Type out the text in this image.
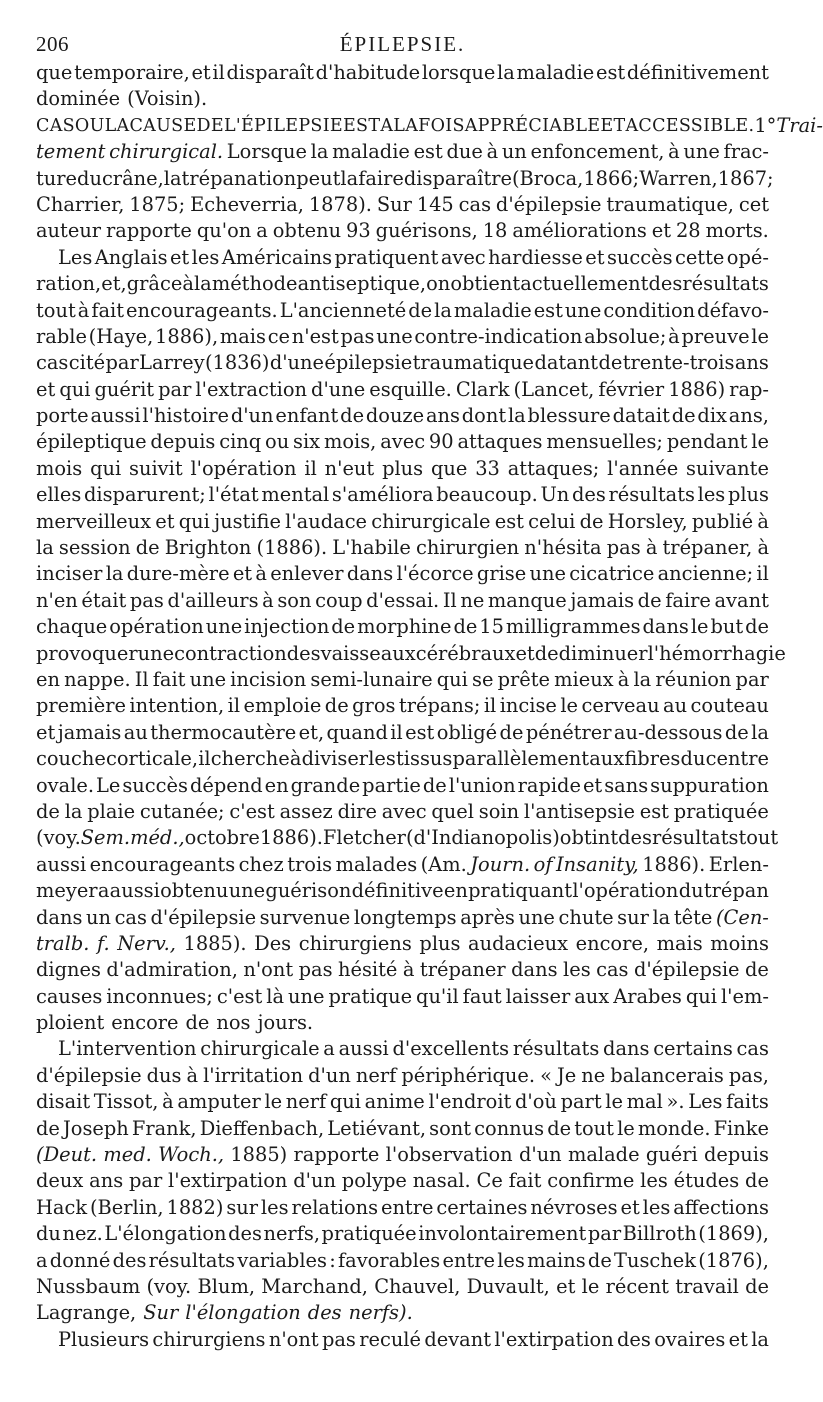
206	ÉPILEPSIE.
que temporaire, et il disparaît d'habitude lorsque la maladie est définitivement
dominée (Voisin).
CAS OU LA CAUSE DE L'ÉPILEPSIE EST A LA FOIS APPRÉCIABLE ET ACCESSIBLE. 1° Trai-
tement chirurgical. Lorsque la maladie est due à un enfoncement, à une frac-
ture du crâne, la trépanation peut la faire disparaître (Broca, 1866; Warren, 1867;
Charrier, 1875; Echeverria, 1878). Sur 145 cas d'épilepsie traumatique, cet
auteur rapporte qu'on a obtenu 93 guérisons, 18 améliorations et 28 morts.
Les Anglais et les Américains pratiquent avec hardiesse et succès cette opé-
ration, et, grâce à la méthode antiseptique, on obtient actuellement des résultats
tout à fait encourageants. L'ancienneté de la maladie est une condition défavo-
rable (Haye, 1886), mais ce n'est pas une contre-indication absolue; à preuve le
cas cité par Larrey (1836) d'une épilepsie traumatique datant de trente-trois ans
et qui guérit par l'extraction d'une esquille. Clark (Lancet, février 1886) rap-
porte aussi l'histoire d'un enfant de douze ans dont la blessure datait de dix ans,
épileptique depuis cinq ou six mois, avec 90 attaques mensuelles; pendant le
mois qui suivit l'opération il n'eut plus que 33 attaques; l'année suivante
elles disparurent; l'état mental s'améliora beaucoup. Un des résultats les plus
merveilleux et qui justifie l'audace chirurgicale est celui de Horsley, publié à
la session de Brighton (1886). L'habile chirurgien n'hésita pas à trépaner, à
inciser la dure-mère et à enlever dans l'écorce grise une cicatrice ancienne; il
n'en était pas d'ailleurs à son coup d'essai. Il ne manque jamais de faire avant
chaque opération une injection de morphine de 15 milligrammes dans le but de
provoquer une contraction des vaisseaux cérébraux et de diminuer l'hémorrhagie
en nappe. Il fait une incision semi-lunaire qui se prête mieux à la réunion par
première intention, il emploie de gros trépans; il incise le cerveau au couteau
et jamais au thermocautère et, quand il est obligé de pénétrer au-dessous de la
couche corticale, il cherche à diviser les tissus parallèlement aux fibres du centre
ovale. Le succès dépend en grande partie de l'union rapide et sans suppuration
de la plaie cutanée; c'est assez dire avec quel soin l'antisepsie est pratiquée
(voy. Sem. méd., octobre 1886). Fletcher (d'Indianopolis) obtint des résultats tout
aussi encourageants chez trois malades (Am. Journ. of Insanity, 1886). Erlen-
meyer a aussi obtenu une guérison définitive en pratiquant l'opération du trépan
dans un cas d'épilepsie survenue longtemps après une chute sur la tête (Cen-
tralb. f. Nerv., 1885). Des chirurgiens plus audacieux encore, mais moins
dignes d'admiration, n'ont pas hésité à trépaner dans les cas d'épilepsie de
causes inconnues; c'est là une pratique qu'il faut laisser aux Arabes qui l'em-
ploient encore de nos jours.
L'intervention chirurgicale a aussi d'excellents résultats dans certains cas
d'épilepsie dus à l'irritation d'un nerf périphérique. « Je ne balancerais pas,
disait Tissot, à amputer le nerf qui anime l'endroit d'où part le mal ». Les faits
de Joseph Frank, Dieffenbach, Letiévant, sont connus de tout le monde. Finke
(Deut. med. Woch., 1885) rapporte l'observation d'un malade guéri depuis
deux ans par l'extirpation d'un polype nasal. Ce fait confirme les études de
Hack (Berlin, 1882) sur les relations entre certaines névroses et les affections
du nez. L'élongation des nerfs, pratiquée involontairement par Billroth (1869),
a donné des résultats variables : favorables entre les mains de Tuschek (1876),
Nussbaum (voy. Blum, Marchand, Chauvel, Duvault, et le récent travail de
Lagrange, Sur l'élongation des nerfs).
Plusieurs chirurgiens n'ont pas reculé devant l'extirpation des ovaires et la
